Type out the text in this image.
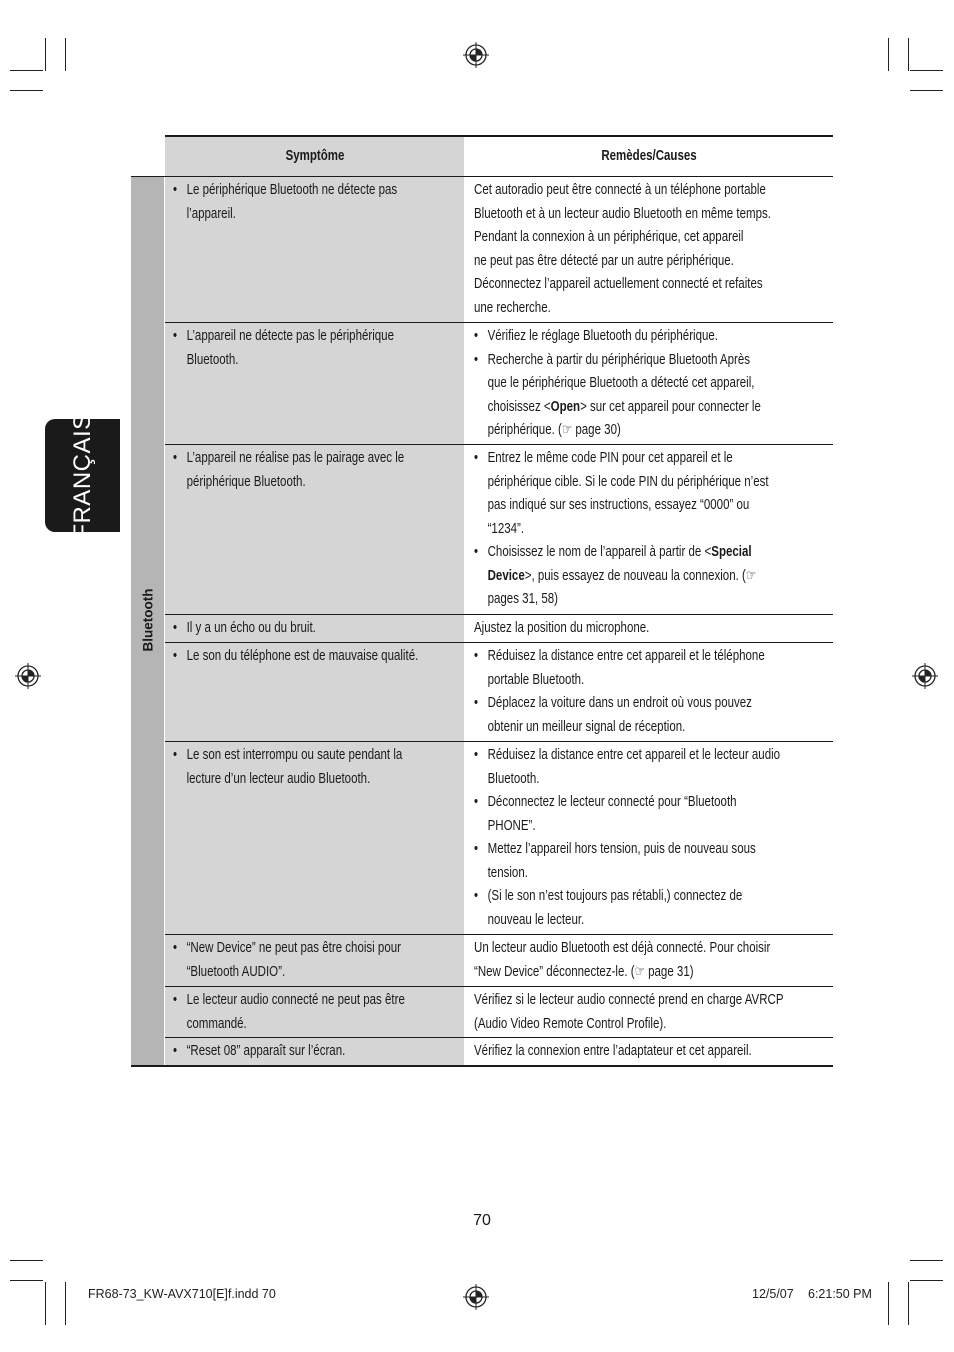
FRANÇAIS
Symptôme	Remèdes/Causes
Bluetooth
• Le périphérique Bluetooth ne détecte pas
l’appareil.
Cet autoradio peut être connecté à un téléphone portable
Bluetooth et à un lecteur audio Bluetooth en même temps.
Pendant la connexion à un périphérique, cet appareil
ne peut pas être détecté par un autre périphérique.
Déconnectez l’appareil actuellement connecté et refaites
une recherche.
• L’appareil ne détecte pas le périphérique
Bluetooth.
• Vérifiez le réglage Bluetooth du périphérique.
• Recherche à partir du périphérique Bluetooth Après
que le périphérique Bluetooth a détecté cet appareil,
choisissez <Open> sur cet appareil pour connecter le
périphérique. (☞ page 30)
• L’appareil ne réalise pas le pairage avec le
périphérique Bluetooth.
• Entrez le même code PIN pour cet appareil et le
périphérique cible. Si le code PIN du périphérique n’est
pas indiqué sur ses instructions, essayez “0000” ou
“1234”.
• Choisissez le nom de l’appareil à partir de <Special
Device>, puis essayez de nouveau la connexion. (☞
pages 31, 58)
• Il y a un écho ou du bruit.	Ajustez la position du microphone.
• Le son du téléphone est de mauvaise qualité.
•	Réduisez la distance entre cet appareil et le téléphone
portable Bluetooth.
• Déplacez la voiture dans un endroit où vous pouvez
obtenir un meilleur signal de réception.
• Le son est interrompu ou saute pendant la
lecture d’un lecteur audio Bluetooth.
• Réduisez la distance entre cet appareil et le lecteur audio
Bluetooth.
• Déconnectez le lecteur connecté pour “Bluetooth
PHONE”.
• Mettez l’appareil hors tension, puis de nouveau sous
tension.
• (Si le son n’est toujours pas rétabli,) connectez de
nouveau le lecteur.
• “New Device” ne peut pas être choisi pour
“Bluetooth AUDIO”.
Un lecteur audio Bluetooth est déjà connecté. Pour choisir
“New Device” déconnectez-le. (☞ page 31)
• Le lecteur audio connecté ne peut pas être
commandé.
Vérifiez si le lecteur audio connecté prend en charge AVRCP
(Audio Video Remote Control Profile).
• “Reset 08” apparaît sur l’écran.	Vérifiez la connexion entre l’adaptateur et cet appareil.
70
FR68-73_KW-AVX710[E]f.indd 70	12/5/07 6:21:50 PM
